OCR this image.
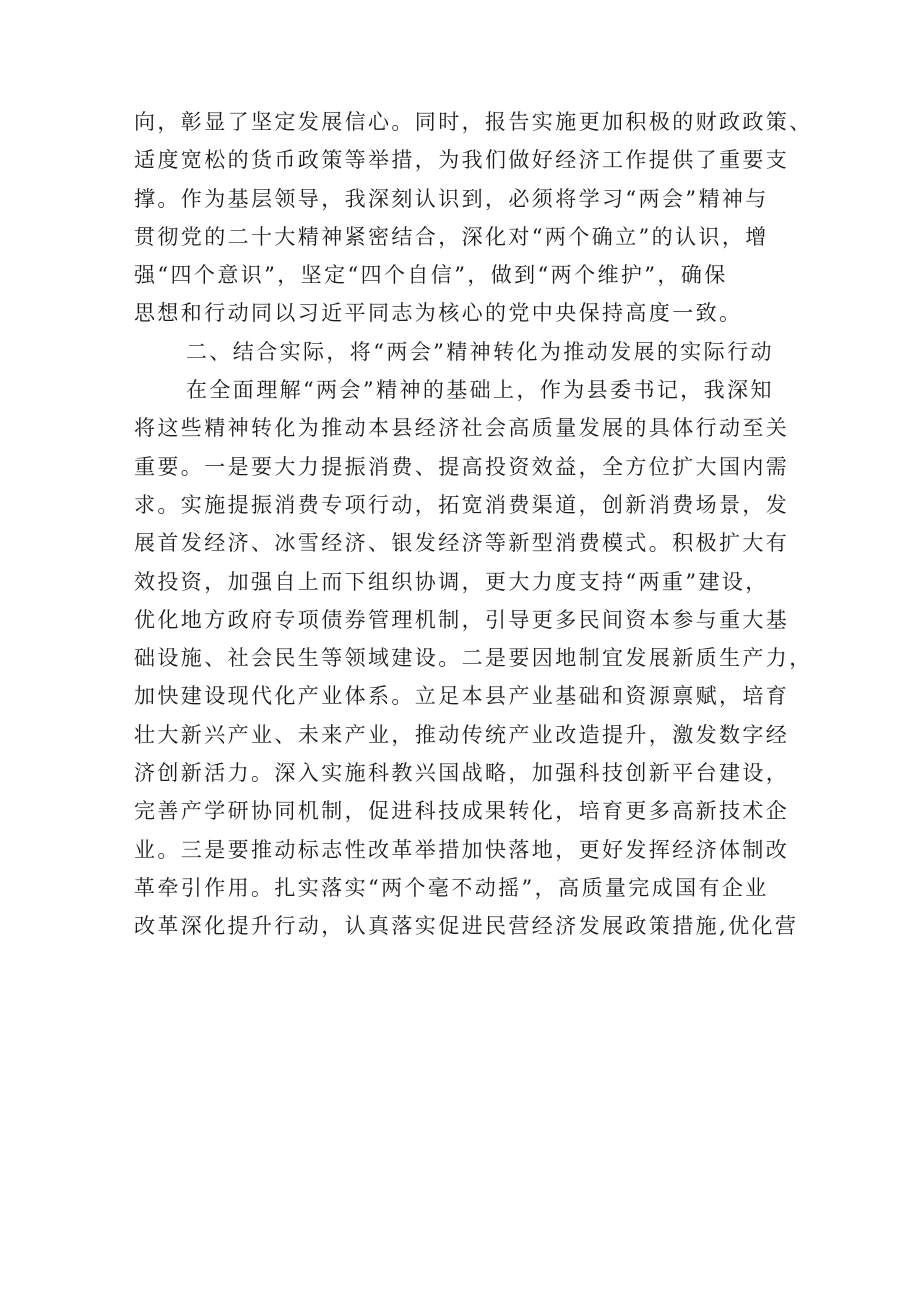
向，彰显了坚定发展信心。同时，报告实施更加积极的财政政策、
适度宽松的货币政策等举措，为我们做好经济工作提供了重要支
撑。作为基层领导，我深刻认识到，必须将学习“两会”精神与
贯彻党的二十大精神紧密结合，深化对“两个确立”的认识，增
强“四个意识”，坚定“四个自信”，做到“两个维护”，确保
思想和行动同以习近平同志为核心的党中央保持高度一致。
二、结合实际，将“两会”精神转化为推动发展的实际行动
在全面理解“两会”精神的基础上，作为县委书记，我深知
将这些精神转化为推动本县经济社会高质量发展的具体行动至关
重要。一是要大力提振消费、提高投资效益，全方位扩大国内需
求。实施提振消费专项行动，拓宽消费渠道，创新消费场景，发
展首发经济、冰雪经济、银发经济等新型消费模式。积极扩大有
效投资，加强自上而下组织协调，更大力度支持“两重”建设，
优化地方政府专项债券管理机制，引导更多民间资本参与重大基
础设施、社会民生等领域建设。二是要因地制宜发展新质生产力，
加快建设现代化产业体系。立足本县产业基础和资源禀赋，培育
壮大新兴产业、未来产业，推动传统产业改造提升，激发数字经
济创新活力。深入实施科教兴国战略，加强科技创新平台建设，
完善产学研协同机制，促进科技成果转化，培育更多高新技术企
业。三是要推动标志性改革举措加快落地，更好发挥经济体制改
革牵引作用。扎实落实“两个毫不动摇”，高质量完成国有企业
改革深化提升行动，认真落实促进民营经济发展政策措施,优化营
